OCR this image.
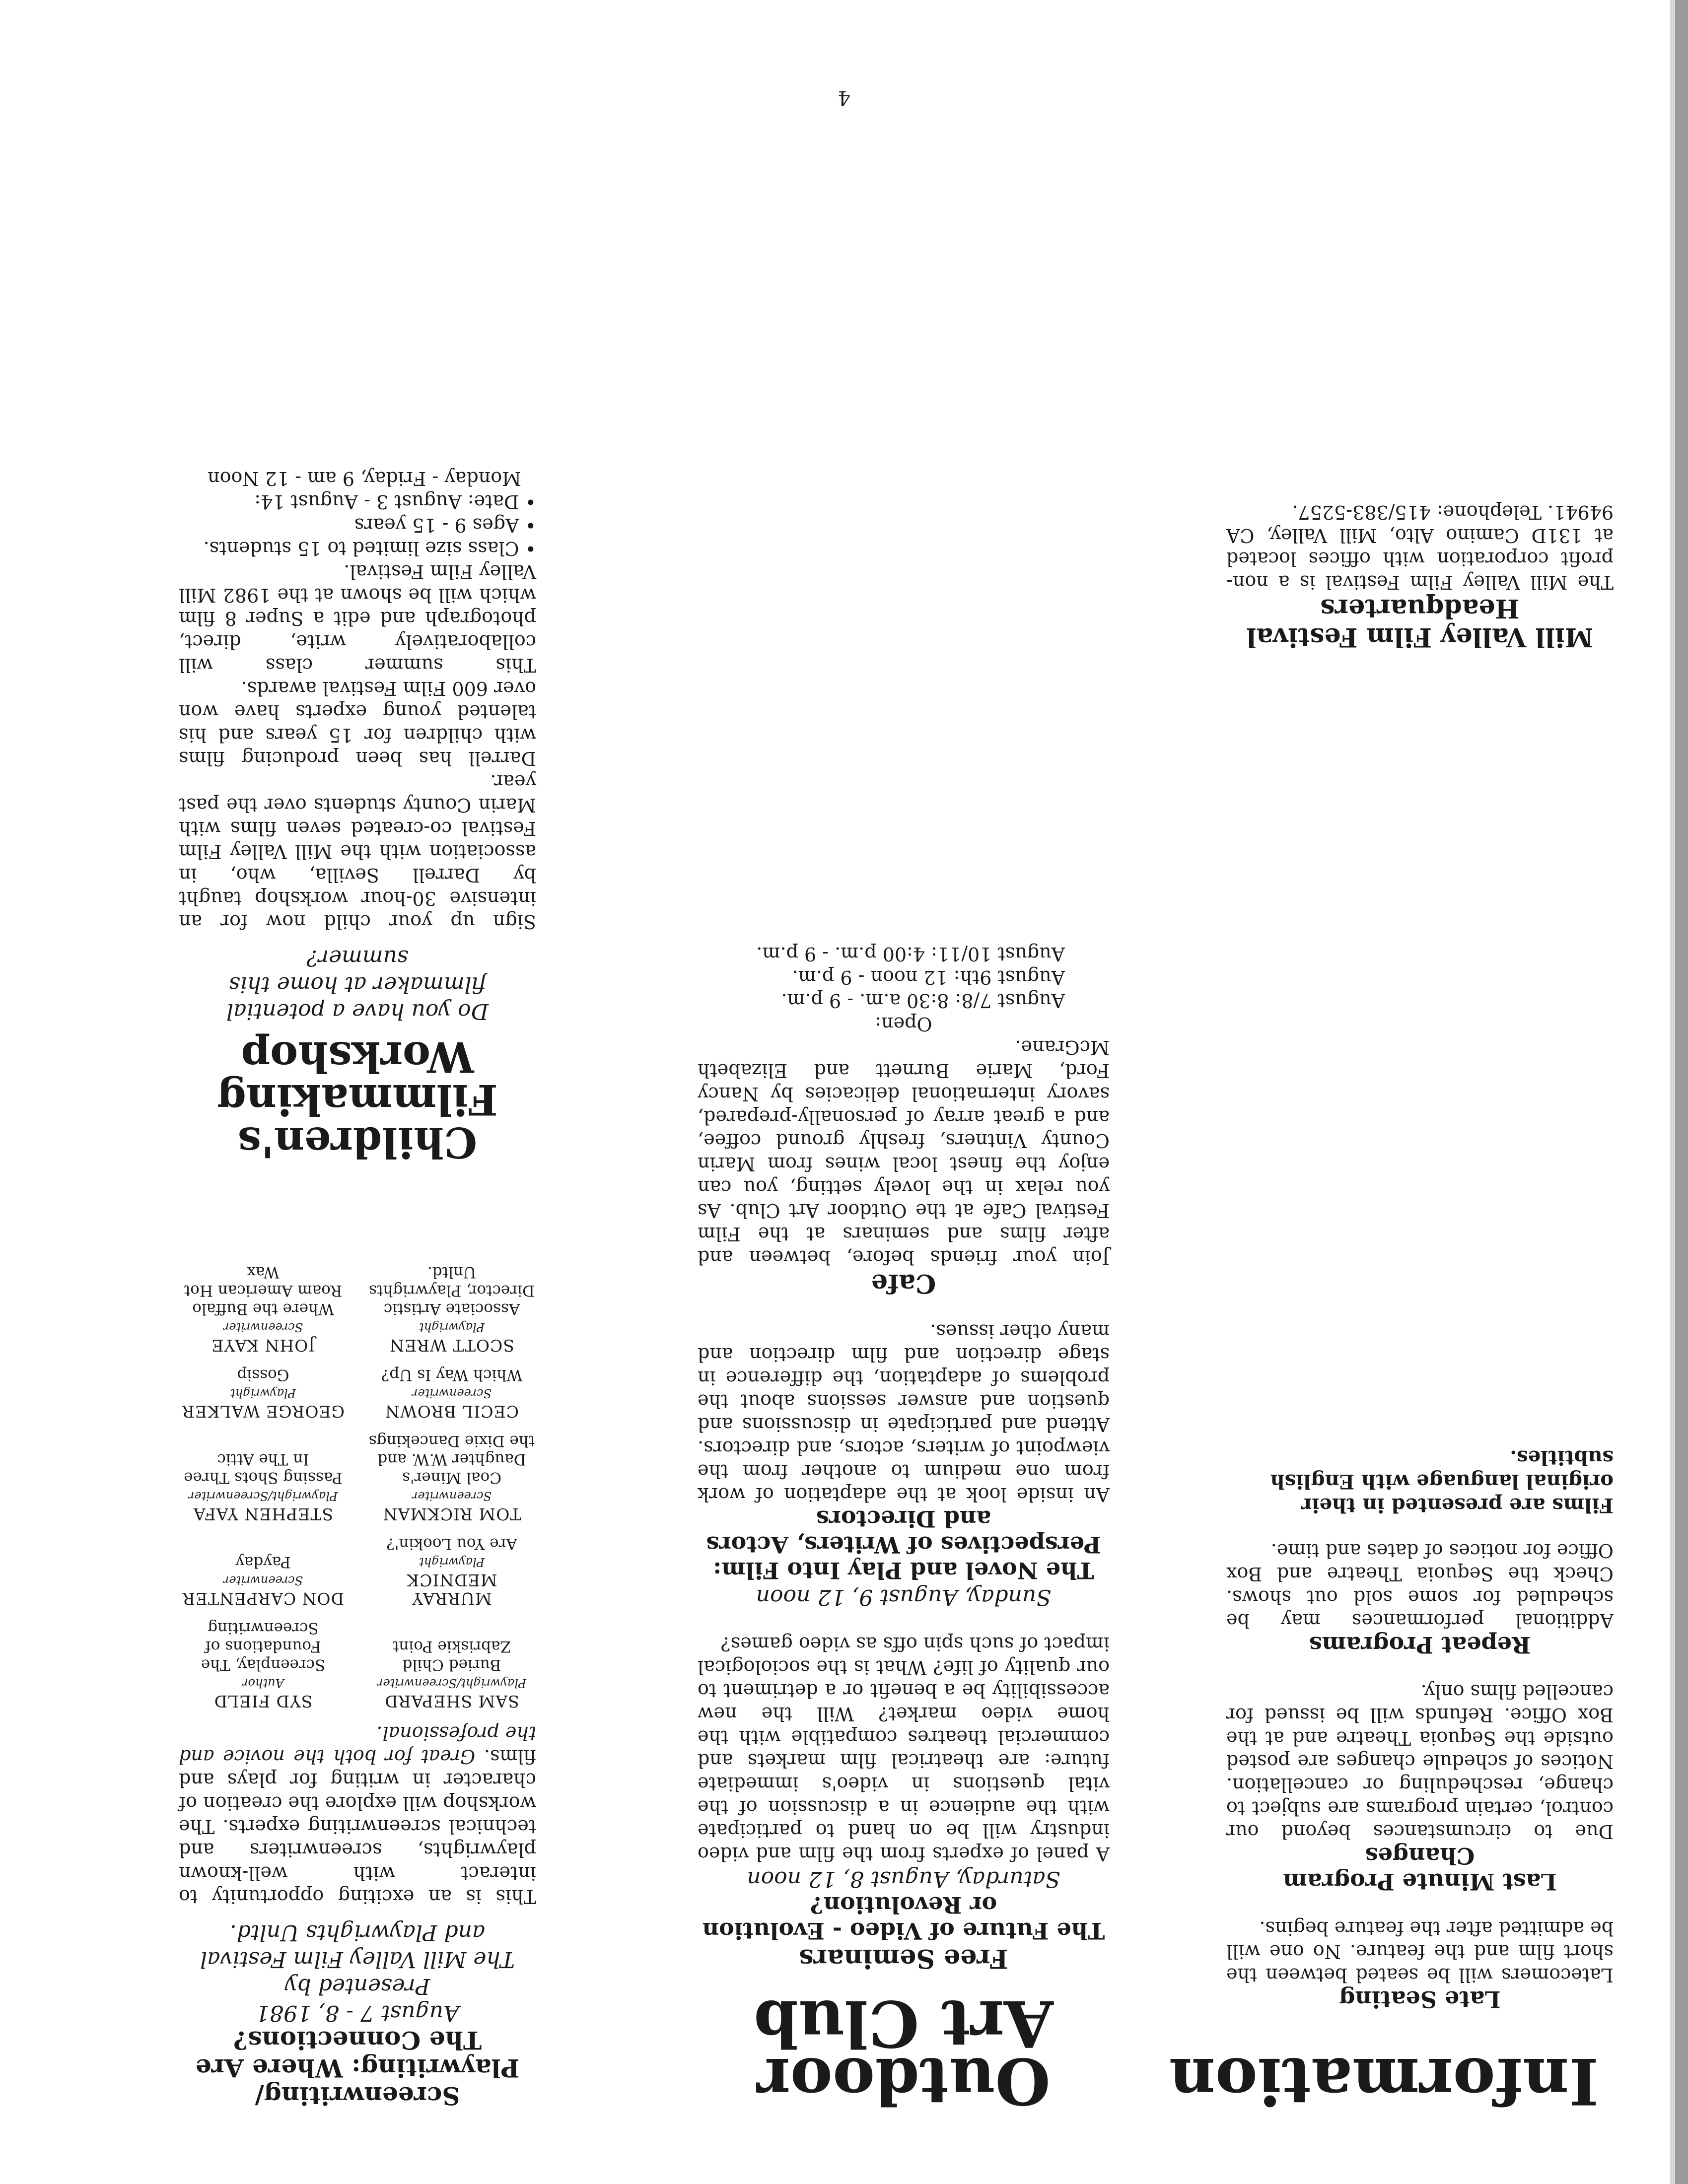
Information
Late Seating

Latecomers will be seated between the short film and the feature. No one will be admitted after the feature begins.

Last Minute Program Changes

Due to circumstances beyond our control, certain programs are subject to change, rescheduling or cancellation. Notices of schedule changes are posted outside the Sequoia Theatre and at the Box Office. Refunds will be issued for cancelled films only.

Repeat Programs

Additional performances may be scheduled for some sold out shows. Check the Sequoia Theatre and Box Office for notices of dates and time.

Films are presented in their original language with English subtitles.

Mill Valley Film Festival Headquarters

The Mill Valley Film Festival is a non-profit corporation with offices located at 131D Camino Alto, Mill Valley, CA 94941. Telephone: 415/383-5257.

Outdoor
Art Club
Free Seminars
The Future of Video - Evolution or Revolution?

Saturday, August 8, 12 noon

A panel of experts from the film and video industry will be on hand to participate with the audience in a discussion of the vital questions in video's immediate future: are theatrical film markets and commercial theatres compatible with the home video market? Will the new accessibility be a benefit or a detriment to our quality of life? What is the sociological impact of such spin offs as video games?

Sunday, August 9, 12 noon

The Novel and Play Into Film: Perspectives of Writers, Actors and Directors

An inside look at the adaptation of work from one medium to another from the viewpoint of writers, actors, and directors. Attend and participate in discussions and question and answer sessions about the problems of adaptation, the difference in stage direction and film direction and many other issues.

Cafe

Join your friends before, between and after films and seminars at the Film Festival Cafe at the Outdoor Art Club. As you relax in the lovely setting, you can enjoy the finest local wines from Marin County Vintners, freshly ground coffee, and a great array of personally-prepared, savory international delicacies by Nancy Ford, Marie Burnett and Elizabeth McGrane.

Open:

August 7/8: 8:30 a.m. - 9 p.m.

August 9th: 12 noon - 9 p.m.

August 10/11: 4:00 p.m. - 9 p.m.

Screenwriting/ Playwriting: Where Are The Connections?

August 7 - 8, 1981

Presented by

The Mill Valley Film Festival and Playwrights Unltd.

This is an exciting opportunity to interact with well-known playwrights, screenwriters and technical screenwriting experts. The workshop will explore the creation of character in writing for plays and films. Great for both the novice and the professional.

SAM SHEPARD
Playwright/Screenwriter
Buried Child Zabriskie Point
SYD FIELD
Author
Screenplay, The Foundations of Screenwriting
MURRAY MEDNICK
Playwright
Are You Lookin'?
DON CARPENTER
Screenwriter
Payday
TOM RICKMAN
Screenwriter
Coal Miner's Daughter W.W. and the Dixie Dancekings
STEPHEN YAFA
Playwright/Screenwriter
Passing Shots Three In The Attic
CECIL BROWN
Screenwriter
Which Way Is Up?
GEORGE WALKER
Playwright
Gossip
SCOTT WREN
Playwright
Associate Artistic Director, Playwrights Unltd.
JOHN KAYE
Screenwriter
Where the Buffalo Roam American Hot Wax
Children's Filmmaking Workshop

Do you have a potential filmmaker at home this summer?

Sign up your child now for an intensive 30-hour workshop taught by Darrell Sevilla, who, in association with the Mill Valley Film Festival co-created seven films with Marin County students over the past year.

Darrell has been producing films with children for 15 years and his talented young experts have won over 600 Film Festival awards.

This summer class will collaboratively write, direct, photograph and edit a Super 8 film which will be shown at the 1982 Mill Valley Film Festival.

• Class size limited to 15 students.
• Ages 9 - 15 years
• Date: August 3 - August 14:

Monday - Friday, 9 am - 12 Noon

4
